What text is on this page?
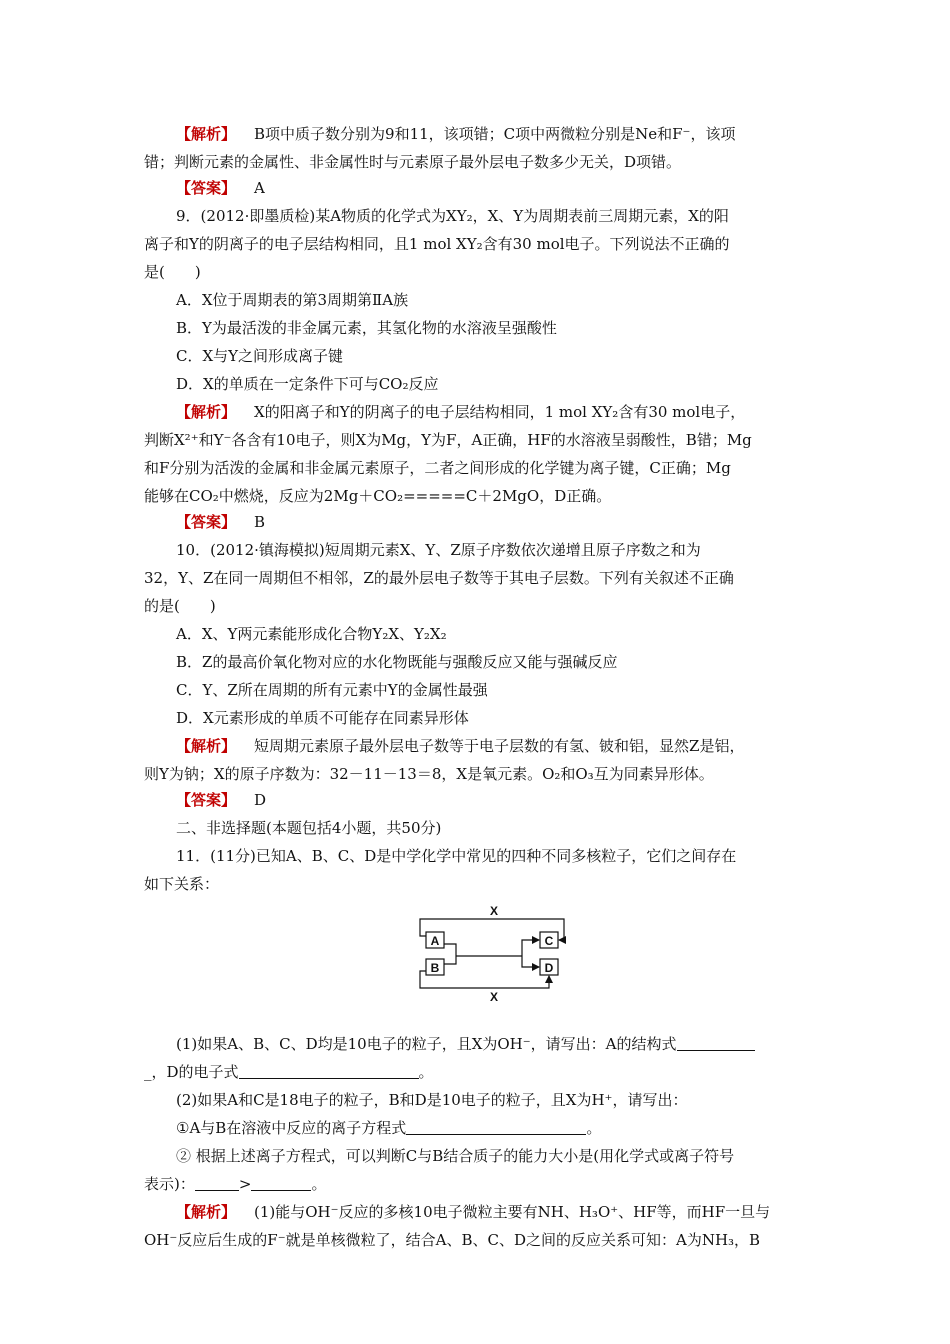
【解析】 B项中质子数分别为9和11，该项错；C项中两微粒分别是Ne和F⁻，该项
错；判断元素的金属性、非金属性时与元素原子最外层电子数多少无关，D项错。
【答案】 A
9．(2012·即墨质检)某A物质的化学式为XY₂，X、Y为周期表前三周期元素，X的阳
离子和Y的阴离子的电子层结构相同，且1 mol XY₂含有30 mol电子。下列说法不正确的
是(　　)
A．X位于周期表的第3周期第ⅡA族
B．Y为最活泼的非金属元素，其氢化物的水溶液呈强酸性
C．X与Y之间形成离子键
D．X的单质在一定条件下可与CO₂反应
【解析】 X的阳离子和Y的阴离子的电子层结构相同，1 mol XY₂含有30 mol电子，
判断X²⁺和Y⁻各含有10电子，则X为Mg，Y为F，A正确，HF的水溶液呈弱酸性，B错；Mg
和F分别为活泼的金属和非金属元素原子，二者之间形成的化学键为离子键，C正确；Mg
能够在CO₂中燃烧，反应为2Mg＋CO₂=====C＋2MgO，D正确。
【答案】 B
10．(2012·镇海模拟)短周期元素X、Y、Z原子序数依次递增且原子序数之和为
32，Y、Z在同一周期但不相邻，Z的最外层电子数等于其电子层数。下列有关叙述不正确
的是(　　)
A．X、Y两元素能形成化合物Y₂X、Y₂X₂
B．Z的最高价氧化物对应的水化物既能与强酸反应又能与强碱反应
C．Y、Z所在周期的所有元素中Y的金属性最强
D．X元素形成的单质不可能存在同素异形体
【解析】 短周期元素原子最外层电子数等于电子层数的有氢、铍和铝，显然Z是铝，
则Y为钠；X的原子序数为：32－11－13＝8，X是氧元素。O₂和O₃互为同素异形体。
【答案】 D
二、非选择题(本题包括4小题，共50分)
11．(11分)已知A、B、C、D是中学化学中常见的四种不同多核粒子，它们之间存在
如下关系：
X
X
A
B
C
D
(1)如果A、B、C、D均是10电子的粒子，且X为OH⁻，请写出：A的结构式
_，D的电子式	。
(2)如果A和C是18电子的粒子，B和D是10电子的粒子，且X为H⁺，请写出：
①A与B在溶液中反应的离子方程式	。
② 根据上述离子方程式，可以判断C与B结合质子的能力大小是(用化学式或离子符号
表示)：	>	。
【解析】 (1)能与OH⁻反应的多核10电子微粒主要有NH、H₃O⁺、HF等，而HF一旦与
OH⁻反应后生成的F⁻就是单核微粒了，结合A、B、C、D之间的反应关系可知：A为NH₃，B
